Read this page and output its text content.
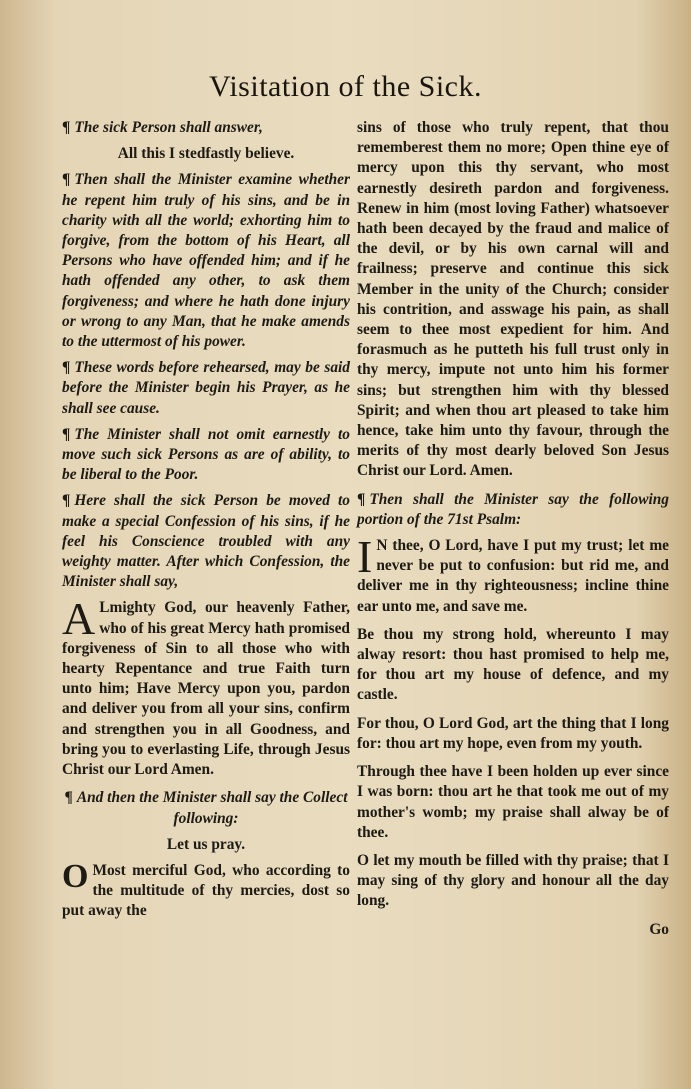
Visitation of the Sick.

¶ The sick Person shall answer,

All this I stedfastly believe.

¶ Then shall the Minister examine whether he repent him truly of his sins, and be in charity with all the world; exhorting him to forgive, from the bottom of his Heart, all Persons who have offended him; and if he hath offended any other, to ask them forgiveness; and where he hath done injury or wrong to any Man, that he make amends to the uttermost of his power.

¶ These words before rehearsed, may be said before the Minister begin his Prayer, as he shall see cause.

¶ The Minister shall not omit earnestly to move such sick Persons as are of ability, to be liberal to the Poor.

¶ Here shall the sick Person be moved to make a special Confession of his sins, if he feel his Conscience troubled with any weighty matter. After which Confession, the Minister shall say,

A Lmighty God, our heavenly Father, who of his great Mercy hath promised forgiveness of Sin to all those who with hearty Repentance and true Faith turn unto him; Have Mercy upon you, pardon and deliver you from all your sins, confirm and strengthen you in all Goodness, and bring you to everlasting Life, through Jesus Christ our Lord Amen.

¶ And then the Minister shall say the Collect following:

Let us pray.

O Most merciful God, who according to the multitude of thy mercies, dost so put away the

sins of those who truly repent, that thou rememberest them no more; Open thine eye of mercy upon this thy servant, who most earnestly desireth pardon and forgiveness. Renew in him (most loving Father) whatsoever hath been decayed by the fraud and malice of the devil, or by his own carnal will and frailness; preserve and continue this sick Member in the unity of the Church; consider his contrition, and asswage his pain, as shall seem to thee most expedient for him. And forasmuch as he putteth his full trust only in thy mercy, impute not unto him his former sins; but strengthen him with thy blessed Spirit; and when thou art pleased to take him hence, take him unto thy favour, through the merits of thy most dearly beloved Son Jesus Christ our Lord. Amen.

¶ Then shall the Minister say the following portion of the 71st Psalm:

I N thee, O Lord, have I put my trust; let me never be put to confusion: but rid me, and deliver me in thy righteousness; incline thine ear unto me, and save me.

Be thou my strong hold, whereunto I may alway resort: thou hast promised to help me, for thou art my house of defence, and my castle.

For thou, O Lord God, art the thing that I long for: thou art my hope, even from my youth.

Through thee have I been holden up ever since I was born: thou art he that took me out of my mother's womb; my praise shall alway be of thee.

O let my mouth be filled with thy praise; that I may sing of thy glory and honour all the day long.

Go
